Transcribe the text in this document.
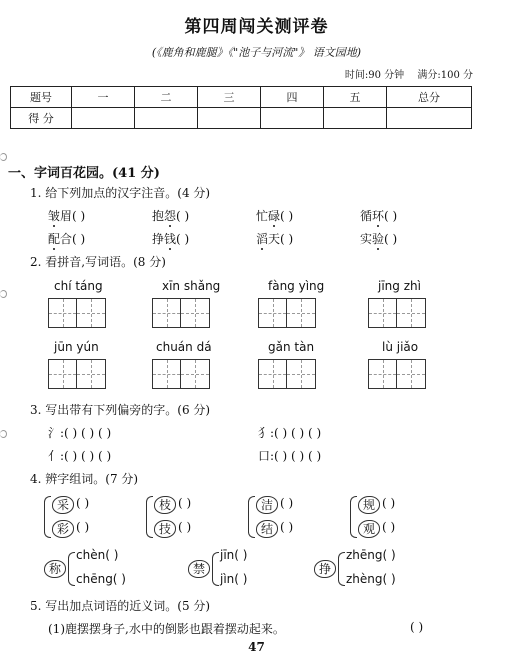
第四周闯关测评卷
(《鹿角和鹿腿》《"池子与河流"》 语文园地)
时间:90 分钟 满分:100 分
题号	一	二	三	四	五	总分
得 分						
一、字词百花园。(41 分)
1. 给下列加点的汉字注音。(4 分)
皱眉( )	抱怨( )	忙碌( )	循环( )
配合( )	挣钱( )	滔天( )	实验( )
2. 看拼音,写词语。(8 分)
chí táng	xīn shǎng	fàng yìng	jīng zhì
jūn yún	chuán dá	gǎn tàn	lù jiǎo
3. 写出带有下列偏旁的字。(6 分)
氵:( ) ( ) ( )	犭:( ) ( ) ( )
亻:( ) ( ) ( )	口:( ) ( ) ( )
4. 辨字组词。(7 分)
采 ( )
彩 ( )
枝 ( )
技 ( )
洁 ( )
结 ( )
规 ( )
观 ( )
称
chèn( )
chēng( )
禁
jīn( )
jìn( )
挣
zhēng( )
zhèng( )
5. 写出加点词语的近义词。(5 分)
(1)鹿摆摆身子,水中的倒影也跟着摆动起来。	( )
47
